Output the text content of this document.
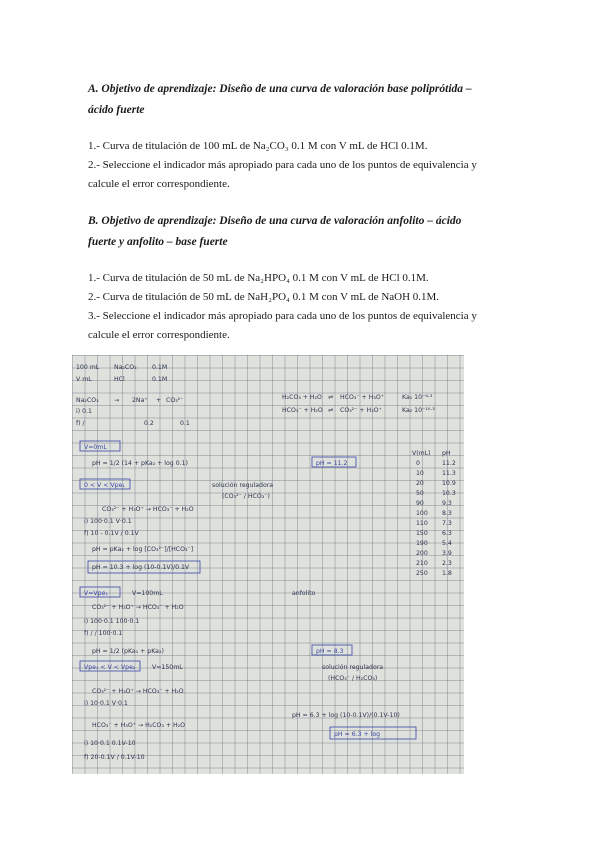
A. Objetivo de aprendizaje: Diseño de una curva de valoración base poliprótida – ácido fuerte
1.- Curva de titulación de 100 mL de Na₂CO₃ 0.1 M con V mL de HCl 0.1M.
2.- Seleccione el indicador más apropiado para cada uno de los puntos de equivalencia y
calcule el error correspondiente.
B. Objetivo de aprendizaje: Diseño de una curva de valoración anfolito – ácido fuerte y anfolito – base fuerte
1.- Curva de titulación de 50 mL de Na₂HPO₄ 0.1 M con V mL de HCl 0.1M.
2.- Curva de titulación de 50 mL de NaH₂PO₄ 0.1 M con V mL de NaOH 0.1M.
3.- Seleccione el indicador más apropiado para cada uno de los puntos de equivalencia y
calcule el error correspondiente.
100 mL Na₂CO₃ 0.1M
V mL	HCl	0.1M
Na₂CO₃ → 2Na⁺ + CO₃²⁻
i) 0.1
f) /	0.2	0.1
H₂CO₃ + H₂O ⇌ HCO₃⁻ + H₃O⁺	Ka₁ 10⁻⁶·³
HCO₃⁻ + H₂O ⇌ CO₃²⁻ + H₃O⁺	Ka₂ 10⁻¹⁰·³
V=0mL
pH = 1/2 (14 + pKa₂ + log 0.1)	pH = 11.2
0 < V < Vpe₁	solución reguladora
(CO₃²⁻ / HCO₃⁻)
CO₃²⁻ + H₃O⁺ → HCO₃⁻ + H₂O
i) 100·0.1 V·0.1
f) 10 - 0.1V / 0.1V
pH = pKa₂ + log [CO₃²⁻]/[HCO₃⁻]
pH = 10.3 + log (10-0.1V)/0.1V
V=Vpe₁	V=100mL	anfolito
CO₃²⁻ + H₃O⁺ → HCO₃⁻ + H₂O
i) 100·0.1 100·0.1
f) / / 100·0.1
pH = 1/2 (pKa₁ + pKa₂)	pH = 8.3
Vpe₁ < V < Vpe₂	V=150mL	solución reguladora
(HCO₃⁻ / H₂CO₃)
CO₃²⁻ + H₃O⁺ → HCO₃⁻ + H₂O
i) 10·0.1 V·0.1
HCO₃⁻ + H₃O⁺ → H₂CO₃ + H₂O
pH = 6.3 + log (10-0.1V)/(0.1V-10)
pH = 6.3 + log
i) 10·0.1 0.1V-10
f) 20-0.1V / 0.1V-10
V(mL) pH
0	11.2
10	11.3
20	10.9
50	10.3
90	9.3
100 8.3
110 7.3
150 6.3
190 5.4
200 3.9
210 2.3
250 1.8
